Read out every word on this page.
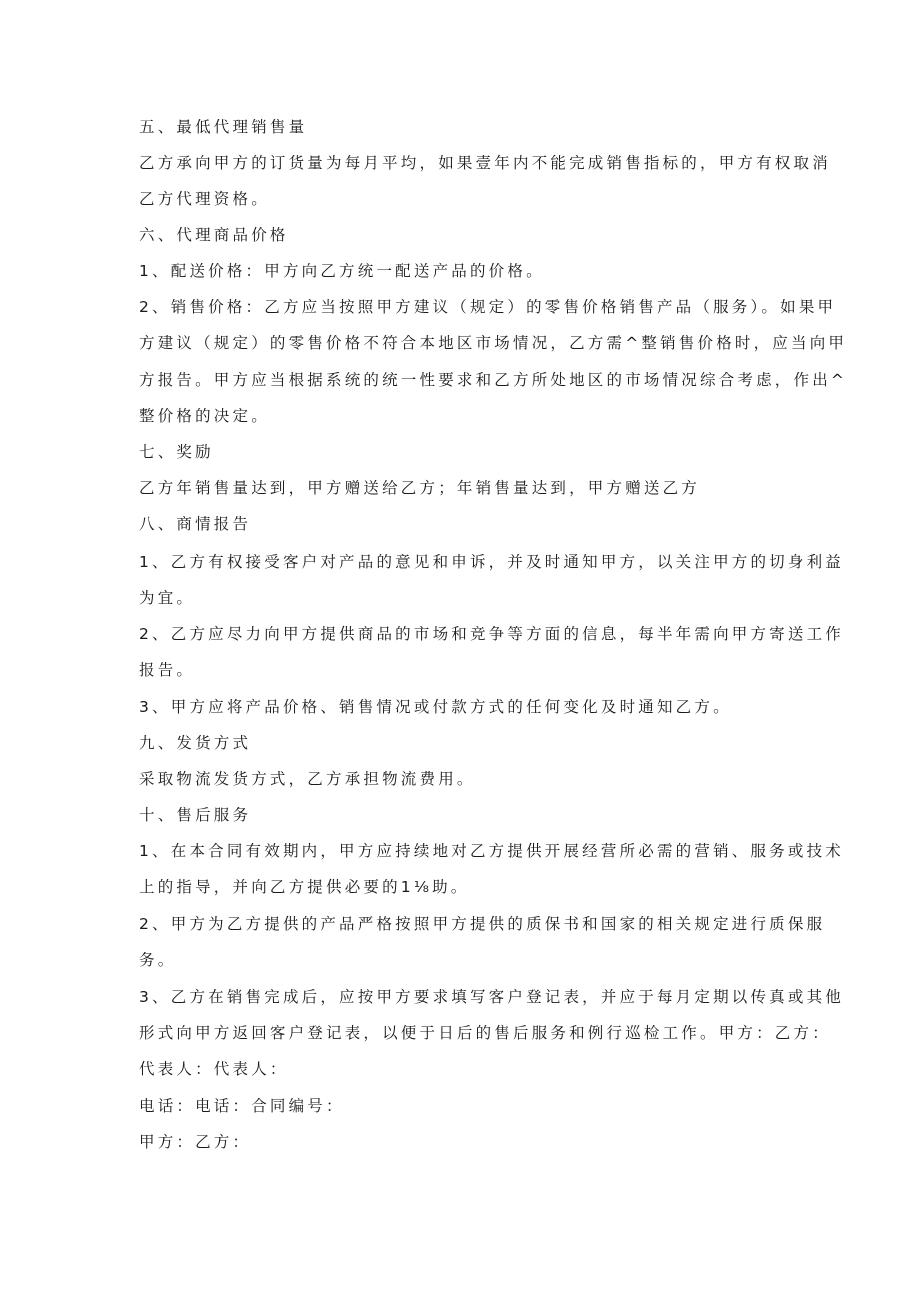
五、最低代理销售量
乙方承向甲方的订货量为每月平均，如果壹年内不能完成销售指标的，甲方有权取消
乙方代理资格。
六、代理商品价格
1、配送价格：甲方向乙方统一配送产品的价格。
2、销售价格：乙方应当按照甲方建议（规定）的零售价格销售产品（服务）。如果甲
方建议（规定）的零售价格不符合本地区市场情况，乙方需^整销售价格时，应当向甲
方报告。甲方应当根据系统的统一性要求和乙方所处地区的市场情况综合考虑，作出^
整价格的决定。
七、奖励
乙方年销售量达到，甲方赠送给乙方；年销售量达到，甲方赠送乙方
八、商情报告
1、乙方有权接受客户对产品的意见和申诉，并及时通知甲方，以关注甲方的切身利益
为宜。
2、乙方应尽力向甲方提供商品的市场和竞争等方面的信息，每半年需向甲方寄送工作
报告。
3、甲方应将产品价格、销售情况或付款方式的任何变化及时通知乙方。
九、发货方式
采取物流发货方式，乙方承担物流费用。
十、售后服务
1、在本合同有效期内，甲方应持续地对乙方提供开展经营所必需的营销、服务或技术
上的指导，并向乙方提供必要的1⅛助。
2、甲方为乙方提供的产品严格按照甲方提供的质保书和国家的相关规定进行质保服
务。
3、乙方在销售完成后，应按甲方要求填写客户登记表，并应于每月定期以传真或其他
形式向甲方返回客户登记表，以便于日后的售后服务和例行巡检工作。甲方：乙方：
代表人：代表人：
电话：电话：合同编号：
甲方：乙方：
